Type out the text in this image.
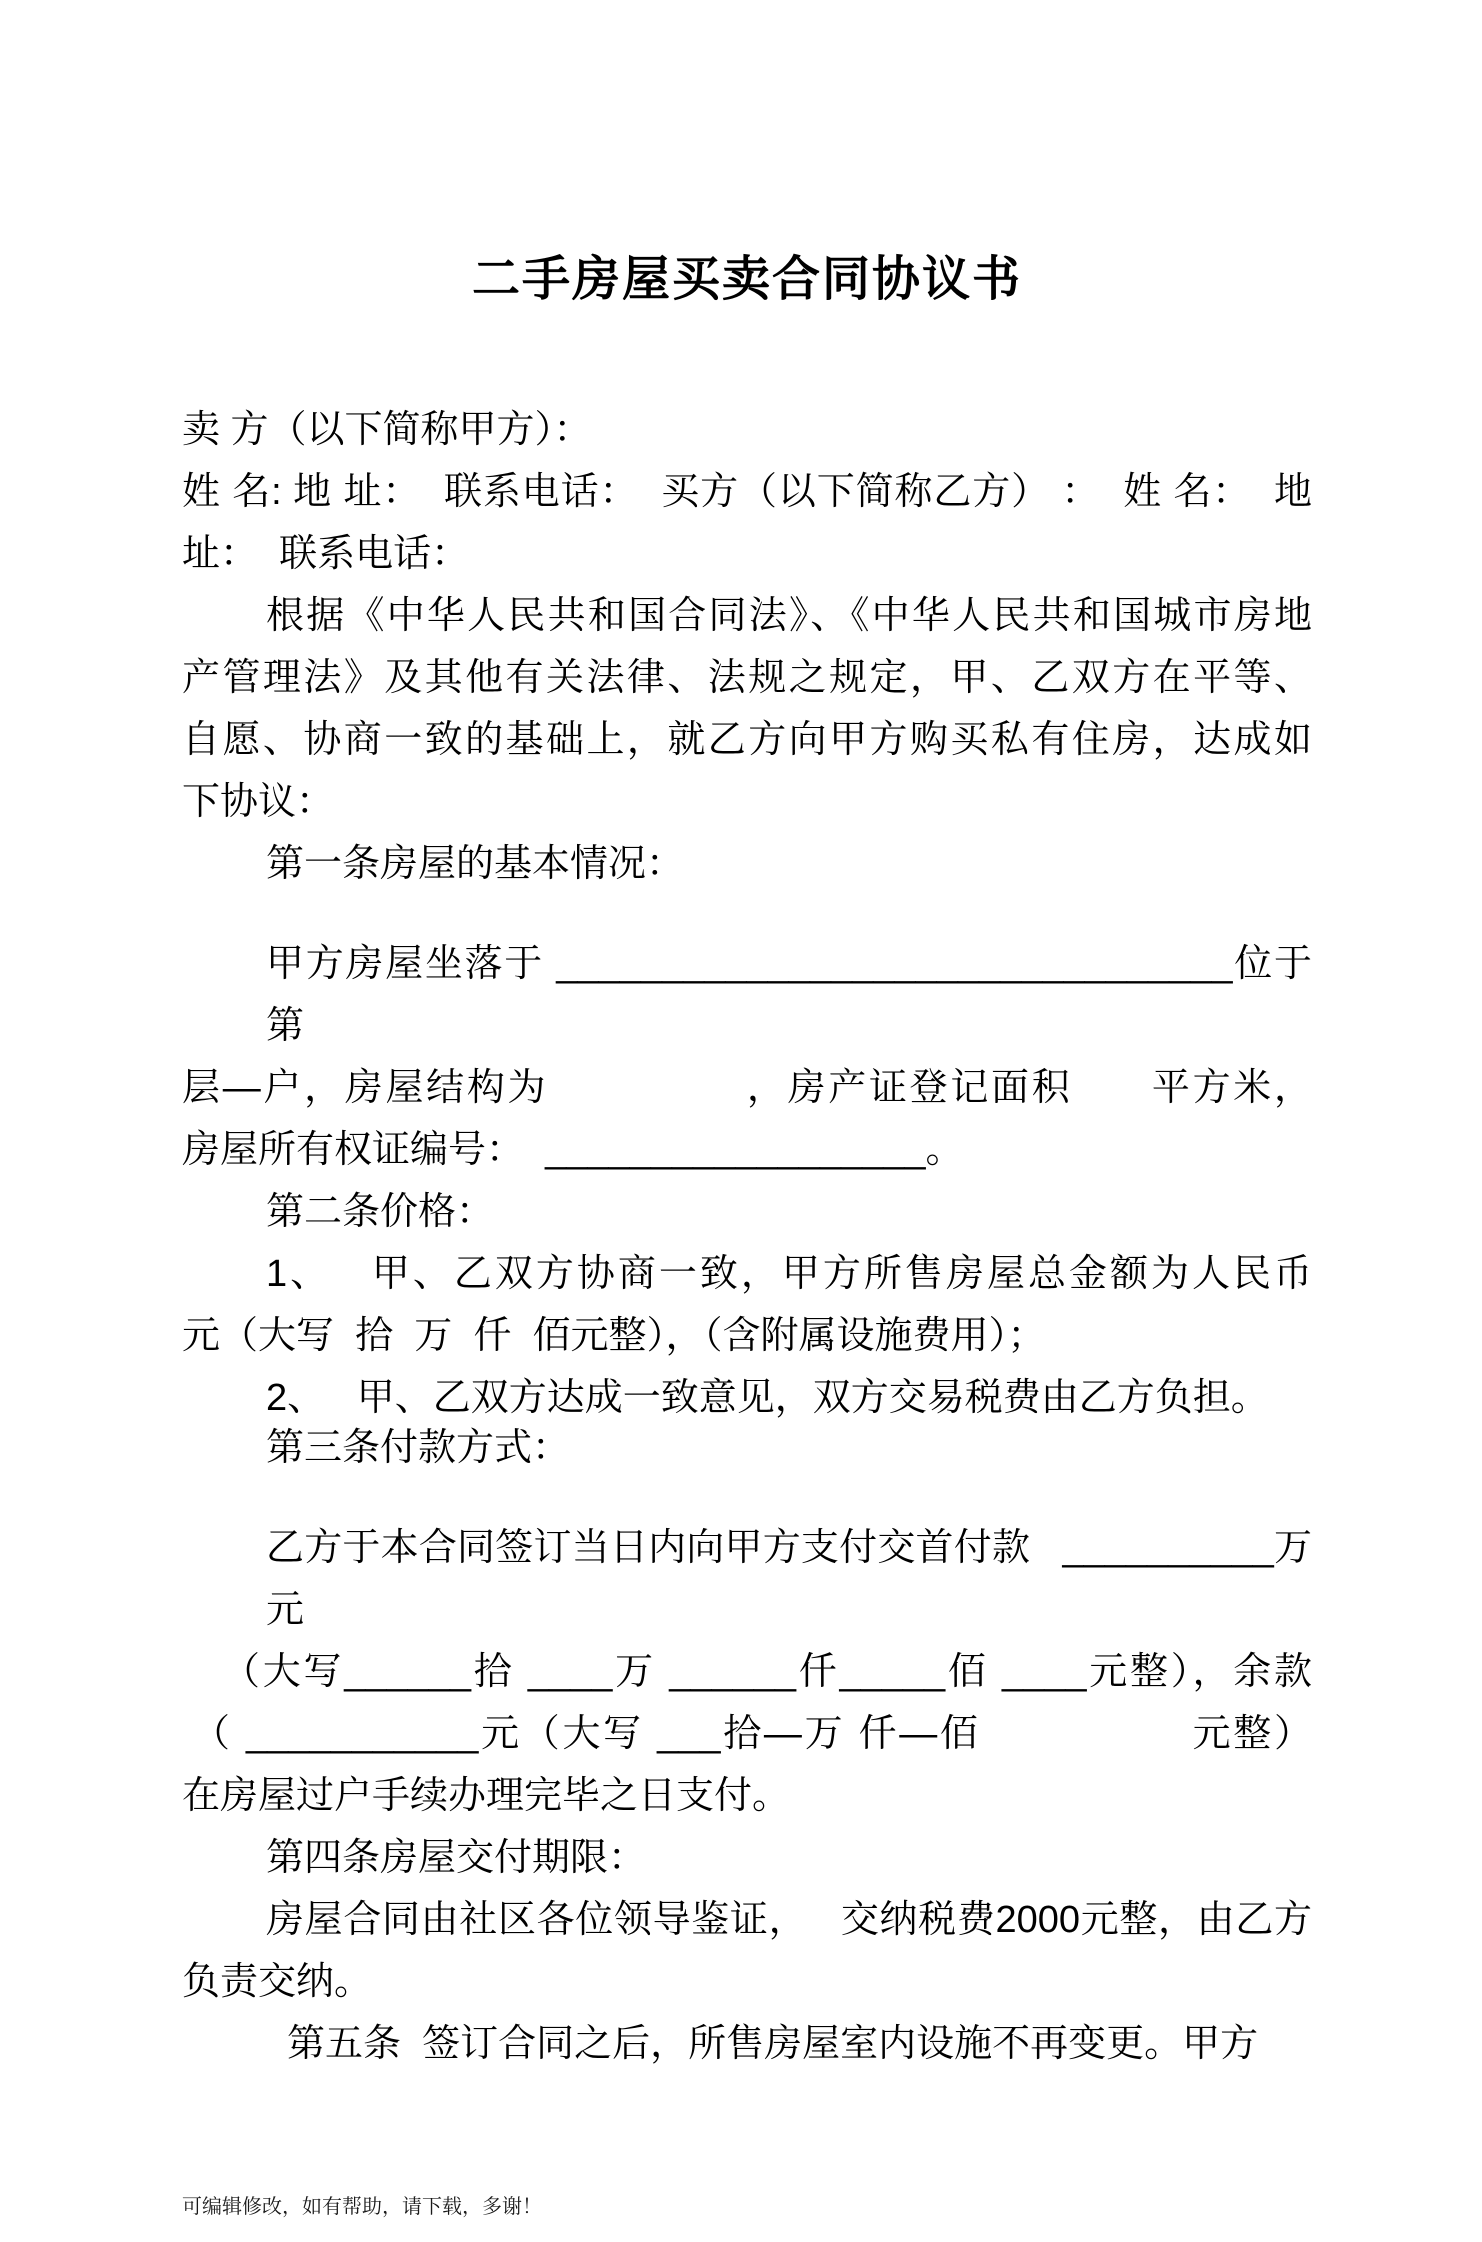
二手房屋买卖合同协议书
卖 方（以下简称甲方）：
姓 名: 地 址：  联系电话：  买方（以下简称乙方） ：  姓 名：  地
址：  联系电话：
根据《中华人民共和国合同法》、《中华人民共和国城市房地
产管理法》及其他有关法律、法规之规定，甲、乙双方在平等、
自愿、协商一致的基础上，就乙方向甲方购买私有住房，达成如
下协议：
第一条房屋的基本情况：
甲方房屋坐落于 ________________________________位于第
层—户，房屋结构为               ，房产证登记面积      平方米，
房屋所有权证编号：  __________________。
第二条价格：
1、   甲、乙双方协商一致，甲方所售房屋总金额为人民币
元（大写  拾  万  仟  佰元整），（含附属设施费用）；
2、   甲、乙双方达成一致意见，双方交易税费由乙方负担。
第三条付款方式：
乙方于本合同签订当日内向甲方支付交首付款   __________万元
（大写______拾 ____万 ______仟_____佰 ____元整），余款
（ ___________元（大写 ___拾—万 仟—佰                元整）
在房屋过户手续办理完毕之日支付。
第四条房屋交付期限：
房屋合同由社区各位领导鉴证，   交纳税费2000元整，由乙方
负责交纳。
第五条  签订合同之后，所售房屋室内设施不再变更。甲方
可编辑修改，如有帮助，请下载，多谢！
